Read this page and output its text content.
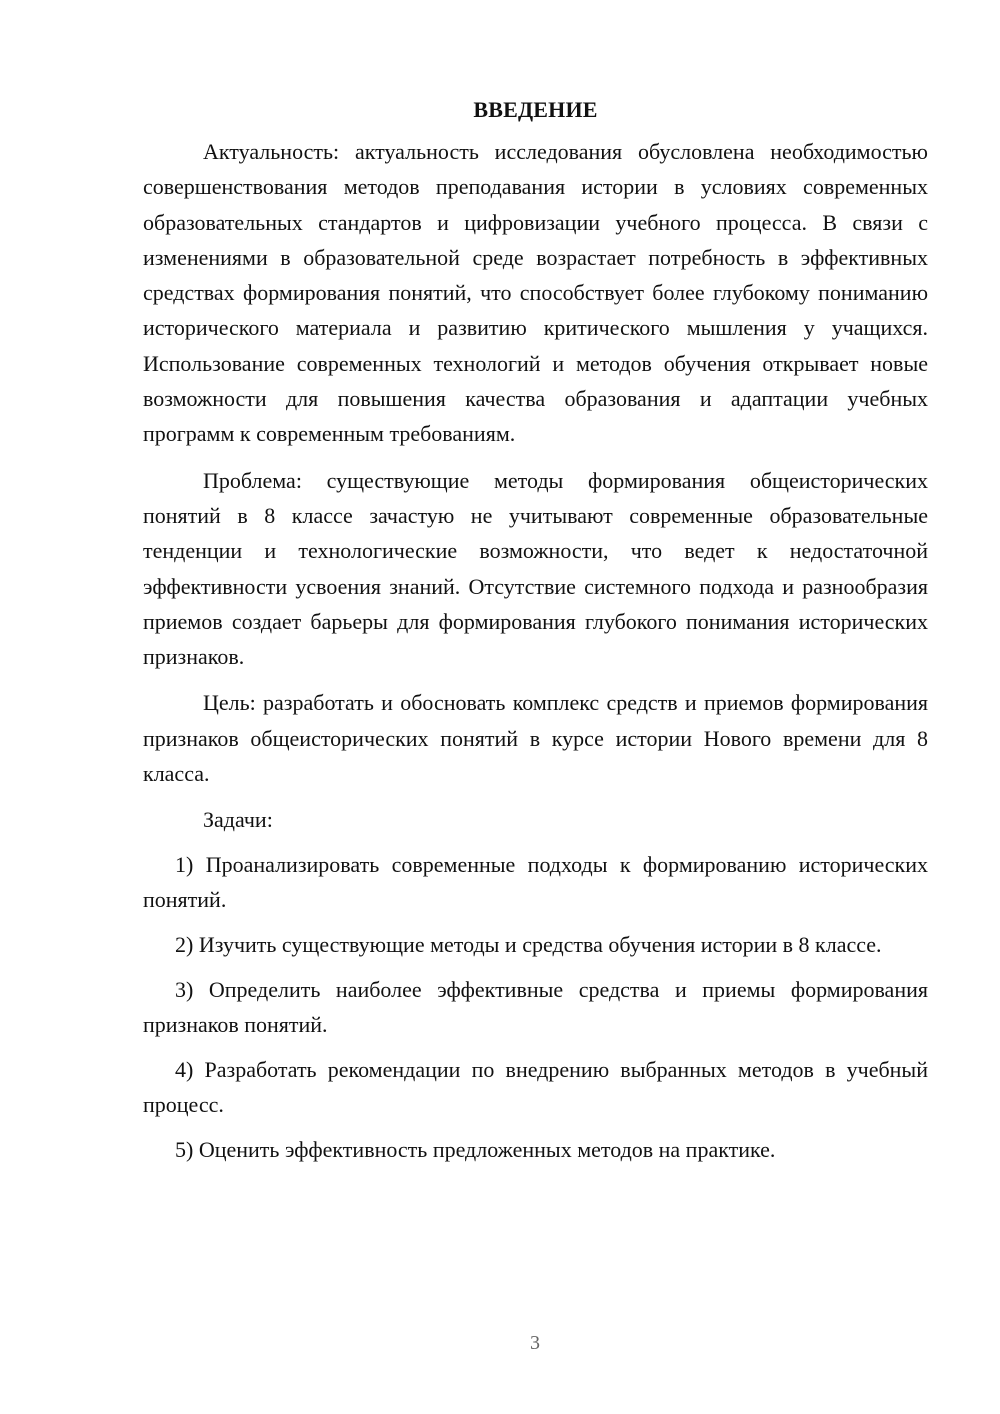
ВВЕДЕНИЕ

Актуальность: актуальность исследования обусловлена необходимостью совершенствования методов преподавания истории в условиях современных образовательных стандартов и цифровизации учебного процесса. В связи с изменениями в образовательной среде возрастает потребность в эффективных средствах формирования понятий, что способствует более глубокому пониманию исторического материала и развитию критического мышления у учащихся. Использование современных технологий и методов обучения открывает новые возможности для повышения качества образования и адаптации учебных программ к современным требованиям.

Проблема: существующие методы формирования общеисторических понятий в 8 классе зачастую не учитывают современные образовательные тенденции и технологические возможности, что ведет к недостаточной эффективности усвоения знаний. Отсутствие системного подхода и разнообразия приемов создает барьеры для формирования глубокого понимания исторических признаков.

Цель: разработать и обосновать комплекс средств и приемов формирования признаков общеисторических понятий в курсе истории Нового времени для 8 класса.

Задачи:

1) Проанализировать современные подходы к формированию исторических понятий.

2) Изучить существующие методы и средства обучения истории в 8 классе.

3) Определить наиболее эффективные средства и приемы формирования признаков понятий.

4) Разработать рекомендации по внедрению выбранных методов в учебный процесс.

5) Оценить эффективность предложенных методов на практике.

3
